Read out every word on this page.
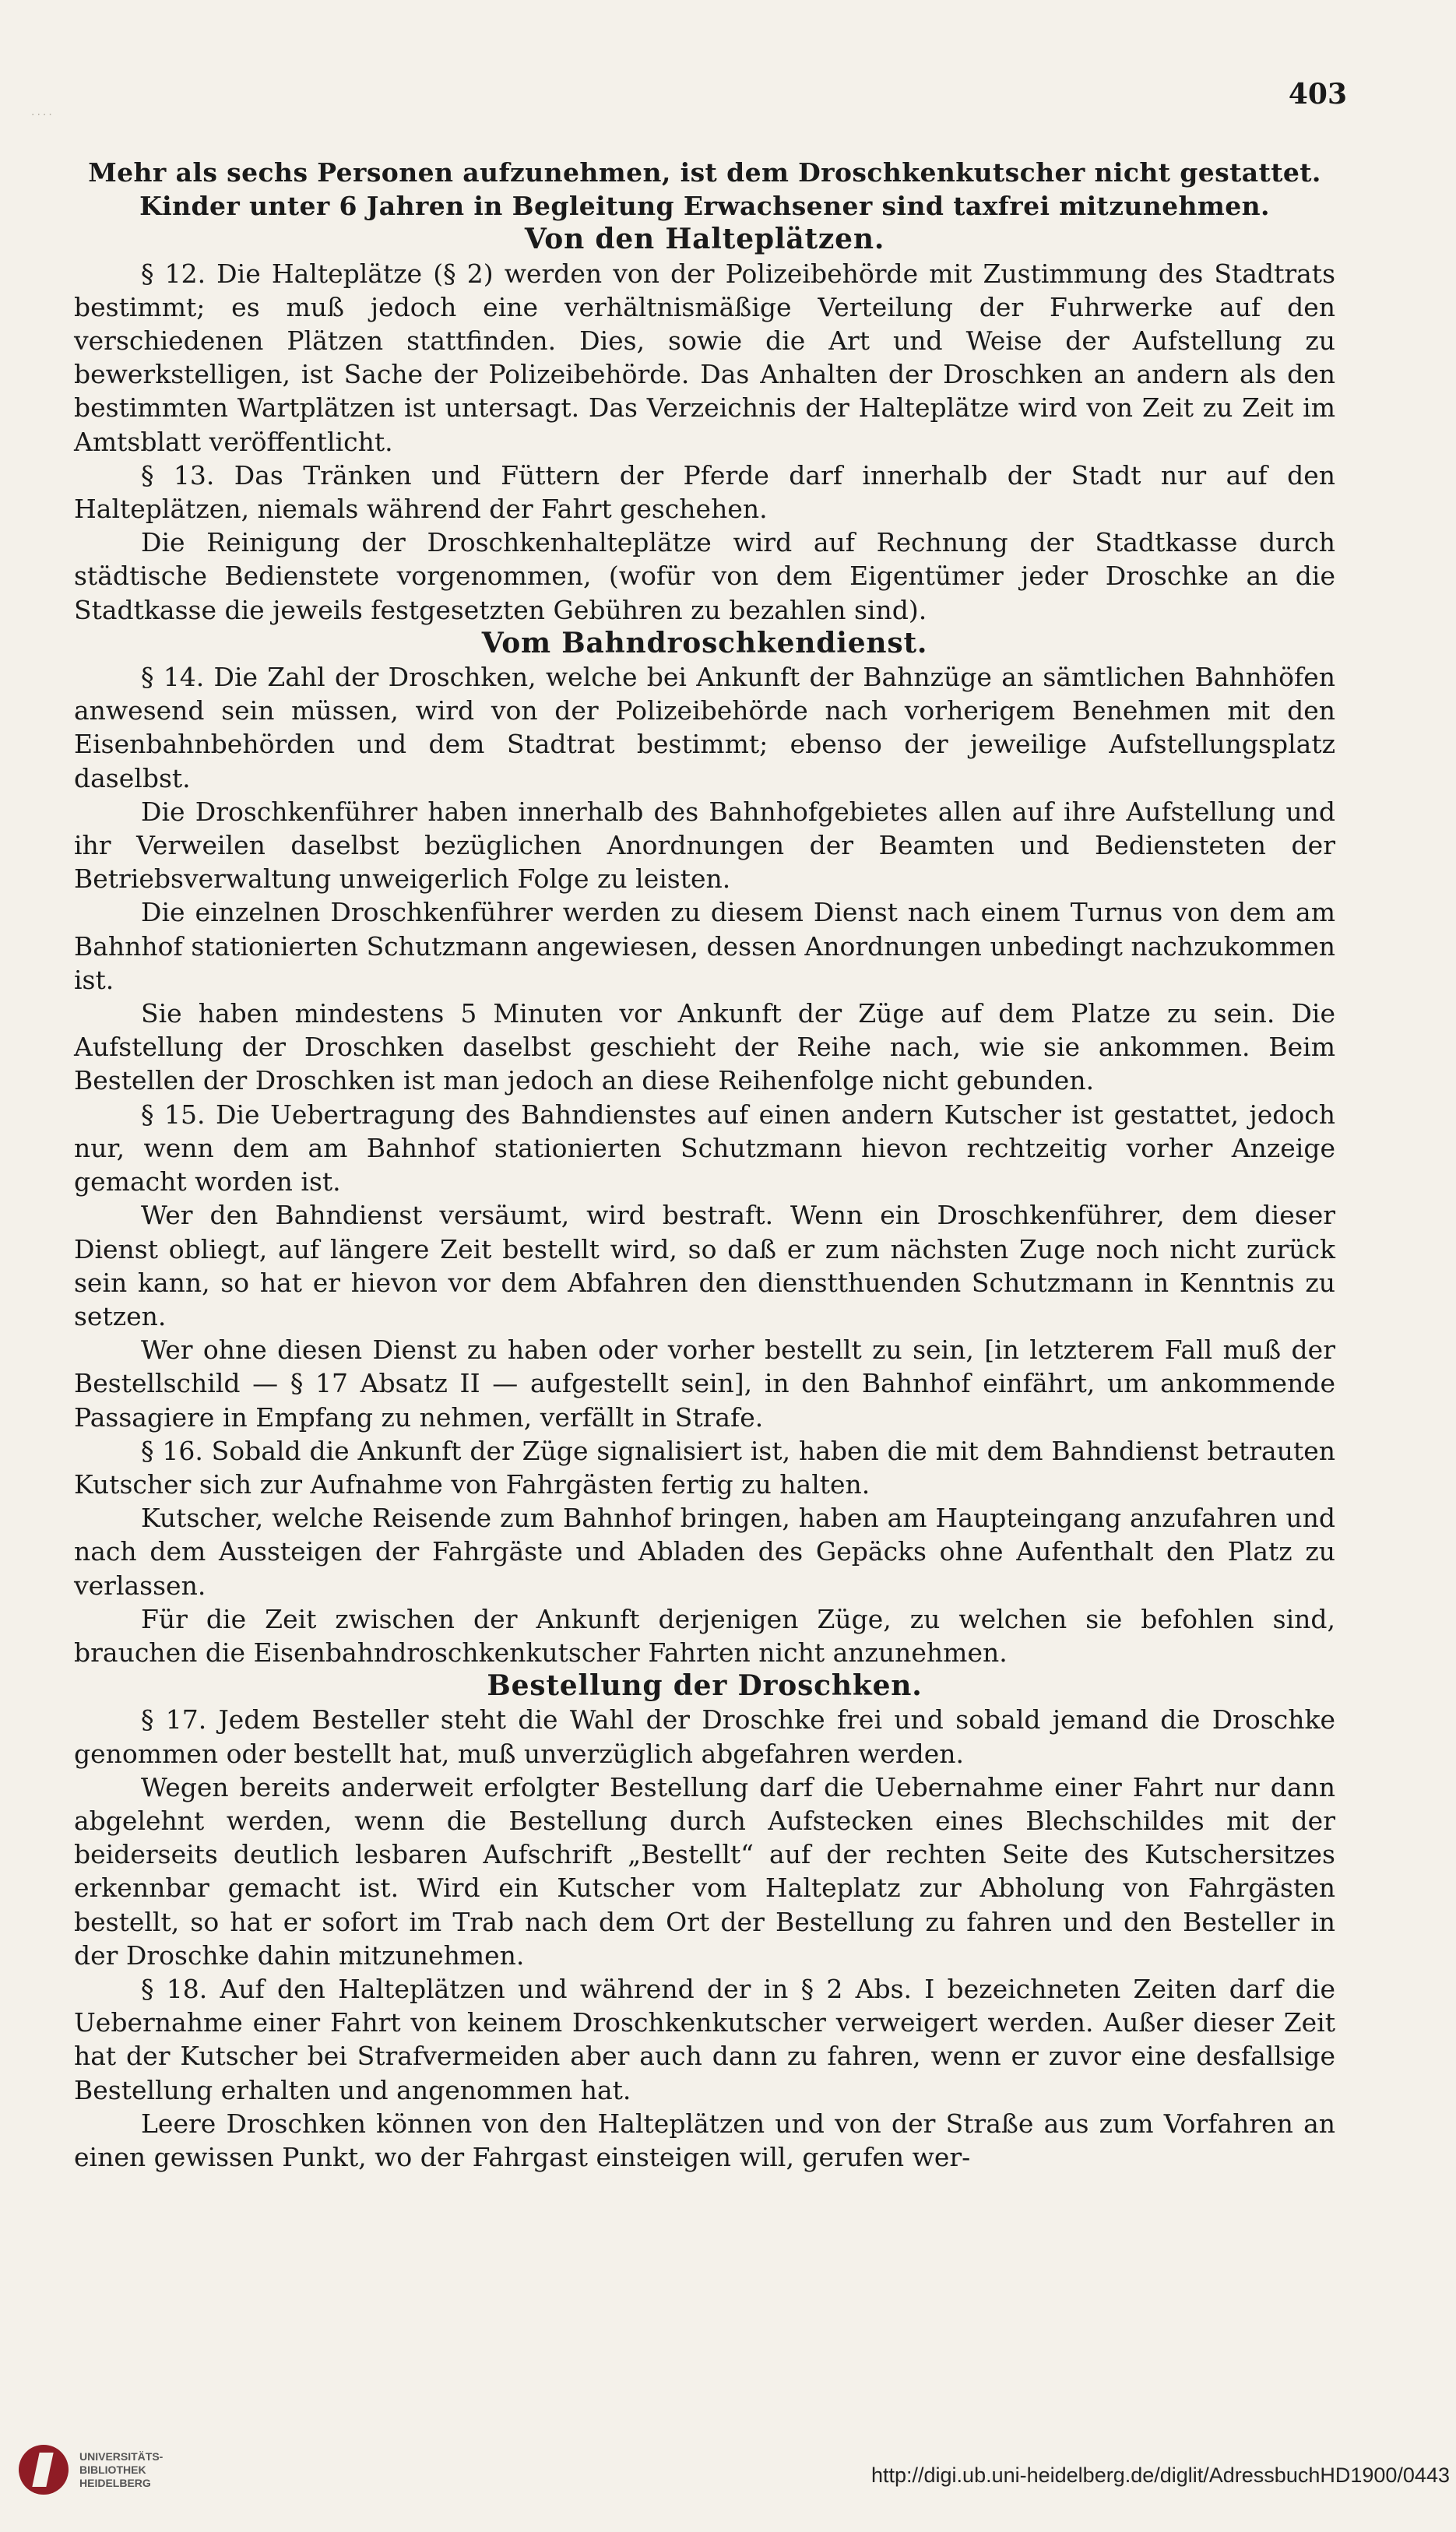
·‧·‧
403

Mehr als sechs Personen aufzunehmen, ist dem Droschkenkutscher nicht gestattet.

Kinder unter 6 Jahren in Begleitung Erwachsener sind taxfrei mitzunehmen.

Von den Halteplätzen.

§ 12. Die Halteplätze (§ 2) werden von der Polizeibehörde mit Zustimmung des Stadtrats bestimmt; es muß jedoch eine verhältnismäßige Verteilung der Fuhrwerke auf den verschiedenen Plätzen stattfinden. Dies, sowie die Art und Weise der Aufstellung zu bewerkstelligen, ist Sache der Polizeibehörde. Das Anhalten der Droschken an andern als den bestimmten Wartplätzen ist untersagt. Das Verzeichnis der Halteplätze wird von Zeit zu Zeit im Amtsblatt veröffentlicht.

§ 13. Das Tränken und Füttern der Pferde darf innerhalb der Stadt nur auf den Halteplätzen, niemals während der Fahrt geschehen.

Die Reinigung der Droschkenhalteplätze wird auf Rechnung der Stadtkasse durch städtische Bedienstete vorgenommen, (wofür von dem Eigentümer jeder Droschke an die Stadtkasse die jeweils festgesetzten Gebühren zu bezahlen sind).

Vom Bahndroschkendienst.

§ 14. Die Zahl der Droschken, welche bei Ankunft der Bahnzüge an sämtlichen Bahnhöfen anwesend sein müssen, wird von der Polizeibehörde nach vorherigem Benehmen mit den Eisenbahnbehörden und dem Stadtrat bestimmt; ebenso der jeweilige Aufstellungsplatz daselbst.

Die Droschkenführer haben innerhalb des Bahnhofgebietes allen auf ihre Aufstellung und ihr Verweilen daselbst bezüglichen Anordnungen der Beamten und Bediensteten der Betriebsverwaltung unweigerlich Folge zu leisten.

Die einzelnen Droschkenführer werden zu diesem Dienst nach einem Turnus von dem am Bahnhof stationierten Schutzmann angewiesen, dessen Anordnungen unbedingt nachzukommen ist.

Sie haben mindestens 5 Minuten vor Ankunft der Züge auf dem Platze zu sein. Die Aufstellung der Droschken daselbst geschieht der Reihe nach, wie sie ankommen. Beim Bestellen der Droschken ist man jedoch an diese Reihenfolge nicht gebunden.

§ 15. Die Uebertragung des Bahndienstes auf einen andern Kutscher ist gestattet, jedoch nur, wenn dem am Bahnhof stationierten Schutzmann hievon rechtzeitig vorher Anzeige gemacht worden ist.

Wer den Bahndienst versäumt, wird bestraft. Wenn ein Droschkenführer, dem dieser Dienst obliegt, auf längere Zeit bestellt wird, so daß er zum nächsten Zuge noch nicht zurück sein kann, so hat er hievon vor dem Abfahren den dienstthuenden Schutzmann in Kenntnis zu setzen.

Wer ohne diesen Dienst zu haben oder vorher bestellt zu sein, [in letzterem Fall muß der Bestellschild — § 17 Absatz II — aufgestellt sein], in den Bahnhof einfährt, um ankommende Passagiere in Empfang zu nehmen, verfällt in Strafe.

§ 16. Sobald die Ankunft der Züge signalisiert ist, haben die mit dem Bahndienst betrauten Kutscher sich zur Aufnahme von Fahrgästen fertig zu halten.

Kutscher, welche Reisende zum Bahnhof bringen, haben am Haupteingang anzufahren und nach dem Aussteigen der Fahrgäste und Abladen des Gepäcks ohne Aufenthalt den Platz zu verlassen.

Für die Zeit zwischen der Ankunft derjenigen Züge, zu welchen sie befohlen sind, brauchen die Eisenbahndroschkenkutscher Fahrten nicht anzunehmen.

Bestellung der Droschken.

§ 17. Jedem Besteller steht die Wahl der Droschke frei und sobald jemand die Droschke genommen oder bestellt hat, muß unverzüglich abgefahren werden.

Wegen bereits anderweit erfolgter Bestellung darf die Uebernahme einer Fahrt nur dann abgelehnt werden, wenn die Bestellung durch Aufstecken eines Blechschildes mit der beiderseits deutlich lesbaren Aufschrift „Bestellt“ auf der rechten Seite des Kutschersitzes erkennbar gemacht ist. Wird ein Kutscher vom Halteplatz zur Abholung von Fahrgästen bestellt, so hat er sofort im Trab nach dem Ort der Bestellung zu fahren und den Besteller in der Droschke dahin mitzunehmen.

§ 18. Auf den Halteplätzen und während der in § 2 Abs. I bezeichneten Zeiten darf die Uebernahme einer Fahrt von keinem Droschkenkutscher verweigert werden. Außer dieser Zeit hat der Kutscher bei Strafvermeiden aber auch dann zu fahren, wenn er zuvor eine desfallsige Bestellung erhalten und angenommen hat.

Leere Droschken können von den Halteplätzen und von der Straße aus zum Vorfahren an einen gewissen Punkt, wo der Fahrgast einsteigen will, gerufen wer-

UNIVERSITÄTS-
BIBLIOTHEK
HEIDELBERG	http://digi.ub.uni-heidelberg.de/diglit/AdressbuchHD1900/0443
